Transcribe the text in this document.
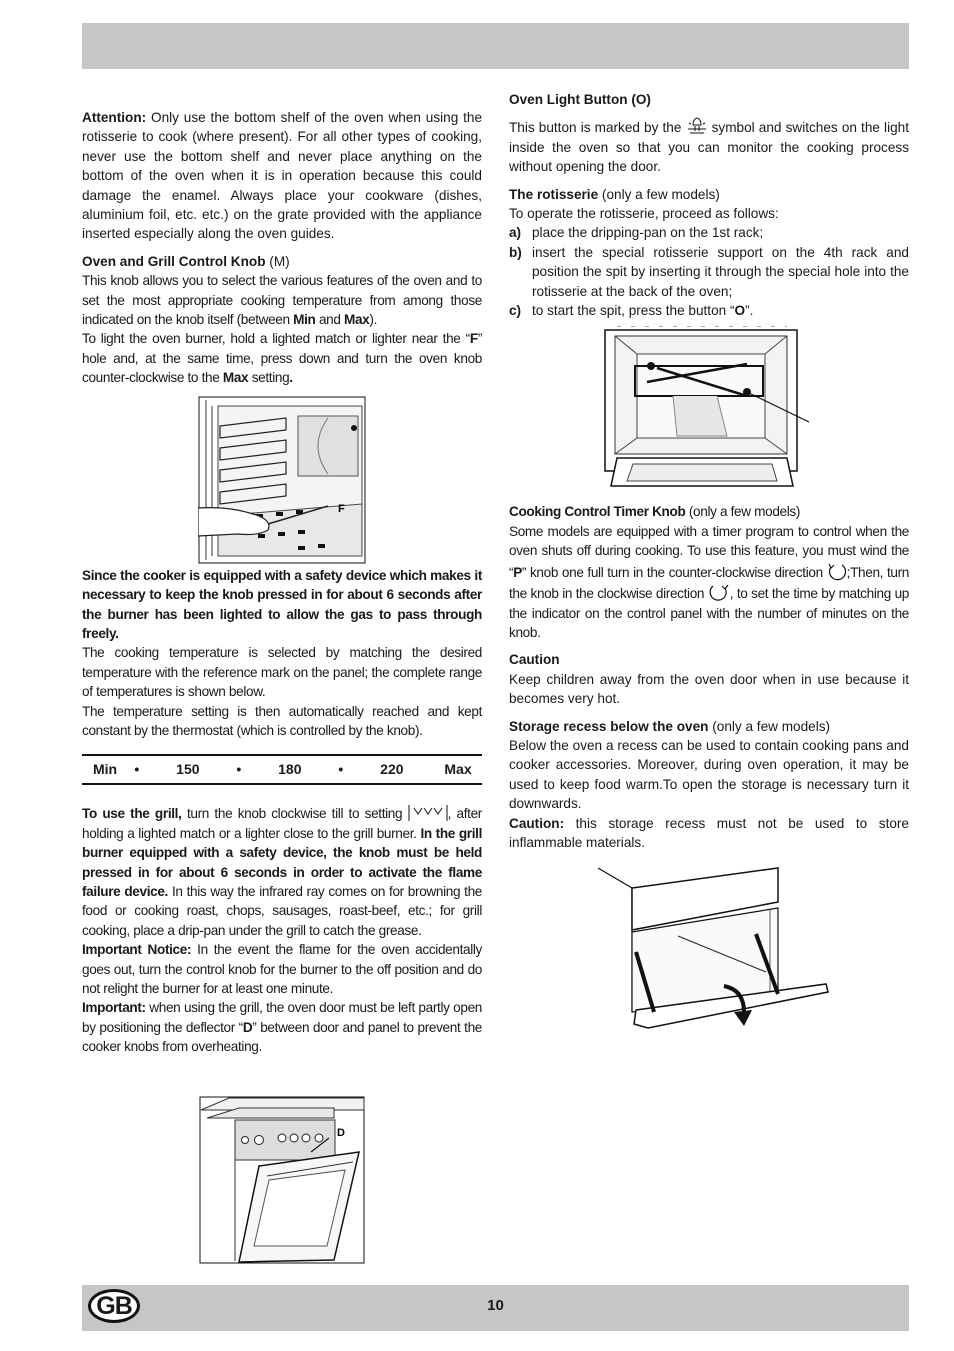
Attention: Only use the bottom shelf of the oven when using the rotisserie to cook (where present). For all other types of cooking, never use the bottom shelf and never place anything on the bottom of the oven when it is in operation because this could damage the enamel. Always place your cookware (dishes, aluminium foil, etc. etc.) on the grate provided with the appliance inserted especially along the oven guides.

Oven and Grill Control Knob (M)

This knob allows you to select the various features of the oven and to set the most appropriate cooking temperature from among those indicated on the knob itself (between Min and Max).

To light the oven burner, hold a lighted match or lighter near the “F” hole and, at the same time, press down and turn the oven knob counter-clockwise to the Max setting.

F

Since the cooker is equipped with a safety device which makes it necessary to keep the knob pressed in for about 6 seconds after the burner has been lighted to allow the gas to pass through freely.

The cooking temperature is selected by matching the desired temperature with the reference mark on the panel; the complete range of temperatures is shown below.

The temperature setting is then automatically reached and kept constant by the thermostat (which is controlled by the knob).

Min	•	150	•	180	•	220	Max

To use the grill, turn the knob clockwise till to setting	, after holding a lighted match or a lighter close to the grill burner. In the grill burner equipped with a safety device, the knob must be held pressed in for about 6 seconds in order to activate the flame failure device. In this way the infrared ray comes on for browning the food or cooking roast, chops, sausages, roast-beef, etc.; for grill cooking, place a drip-pan under the grill to catch the grease.

Important Notice: In the event the flame for the oven accidentally goes out, turn the control knob for the burner to the off position and do not relight the burner for at least one minute.

Important: when using the grill, the oven door must be left partly open by positioning the deflector “D” between door and panel to prevent the cooker knobs from overheating.

D

Oven Light Button (O)

This button is marked by the  symbol and switches on the light inside the oven so that you can monitor the cooking process without opening the door.

The rotisserie (only a few models)

To operate the rotisserie, proceed as follows:

a) place the dripping-pan on the 1st rack;
b) insert the special rotisserie support on the 4th rack and position the spit by inserting it through the special hole into the rotisserie at the back of the oven;
c) to start the spit, press the button “O”.

Cooking Control Timer Knob (only a few models)

Some models are equipped with a timer program to control when the oven shuts off during cooking. To use this feature, you must wind the “P” knob one full turn in the counter-clockwise direction ;Then, turn the knob in the clockwise direction , to set the time by matching up the indicator on the control panel with the number of minutes on the knob.

Caution

Keep children away from the oven door when in use because it becomes very hot.

Storage recess below the oven (only a few models)

Below the oven a recess can be used to contain cooking pans and cooker accessories. Moreover, during oven operation, it may be used to keep food warm.To open the storage is necessary turn it downwards.

Caution: this storage recess must not be used to store inflammable materials.

GB	10
